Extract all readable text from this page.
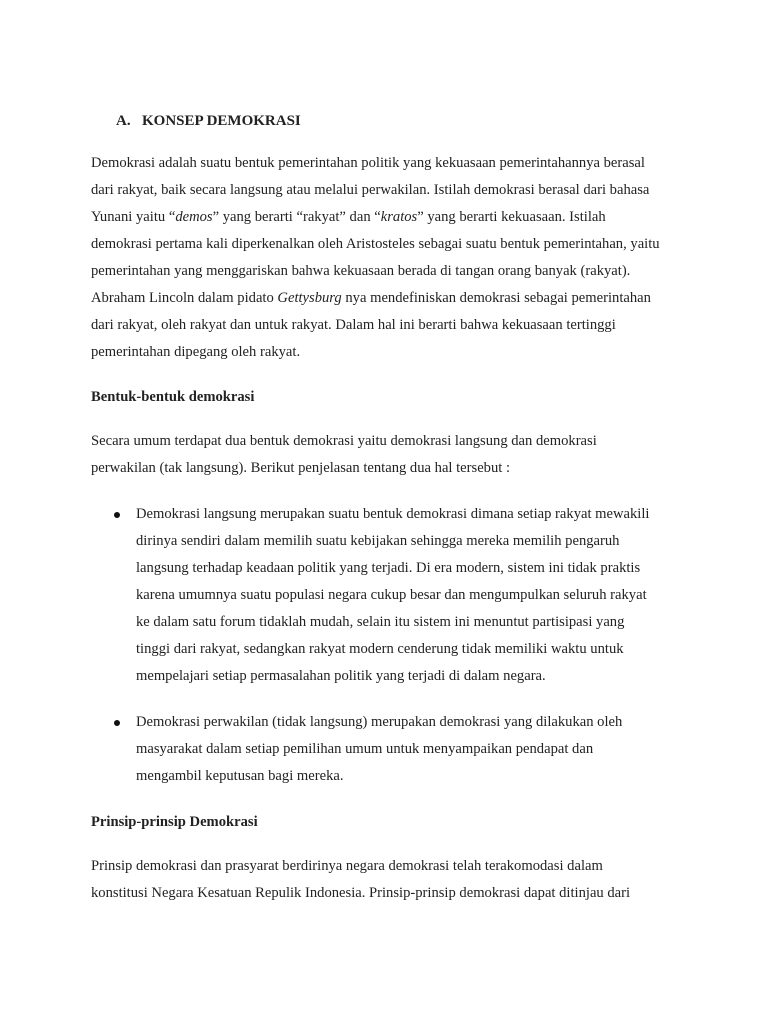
A. KONSEP DEMOKRASI
Demokrasi adalah suatu bentuk pemerintahan politik yang kekuasaan pemerintahannya berasal
dari rakyat, baik secara langsung atau melalui perwakilan. Istilah demokrasi berasal dari bahasa
Yunani yaitu “demos” yang berarti “rakyat” dan “kratos” yang berarti kekuasaan. Istilah
demokrasi pertama kali diperkenalkan oleh Aristosteles sebagai suatu bentuk pemerintahan, yaitu
pemerintahan yang menggariskan bahwa kekuasaan berada di tangan orang banyak (rakyat).
Abraham Lincoln dalam pidato Gettysburg nya mendefiniskan demokrasi sebagai pemerintahan
dari rakyat, oleh rakyat dan untuk rakyat. Dalam hal ini berarti bahwa kekuasaan tertinggi
pemerintahan dipegang oleh rakyat.
Bentuk-bentuk demokrasi
Secara umum terdapat dua bentuk demokrasi yaitu demokrasi langsung dan demokrasi
perwakilan (tak langsung). Berikut penjelasan tentang dua hal tersebut :
Demokrasi langsung merupakan suatu bentuk demokrasi dimana setiap rakyat mewakili
dirinya sendiri dalam memilih suatu kebijakan sehingga mereka memilih pengaruh
langsung terhadap keadaan politik yang terjadi. Di era modern, sistem ini tidak praktis
karena umumnya suatu populasi negara cukup besar dan mengumpulkan seluruh rakyat
ke dalam satu forum tidaklah mudah, selain itu sistem ini menuntut partisipasi yang
tinggi dari rakyat, sedangkan rakyat modern cenderung tidak memiliki waktu untuk
mempelajari setiap permasalahan politik yang terjadi di dalam negara.
Demokrasi perwakilan (tidak langsung) merupakan demokrasi yang dilakukan oleh
masyarakat dalam setiap pemilihan umum untuk menyampaikan pendapat dan
mengambil keputusan bagi mereka.
Prinsip-prinsip Demokrasi
Prinsip demokrasi dan prasyarat berdirinya negara demokrasi telah terakomodasi dalam
konstitusi Negara Kesatuan Repulik Indonesia. Prinsip-prinsip demokrasi dapat ditinjau dari
